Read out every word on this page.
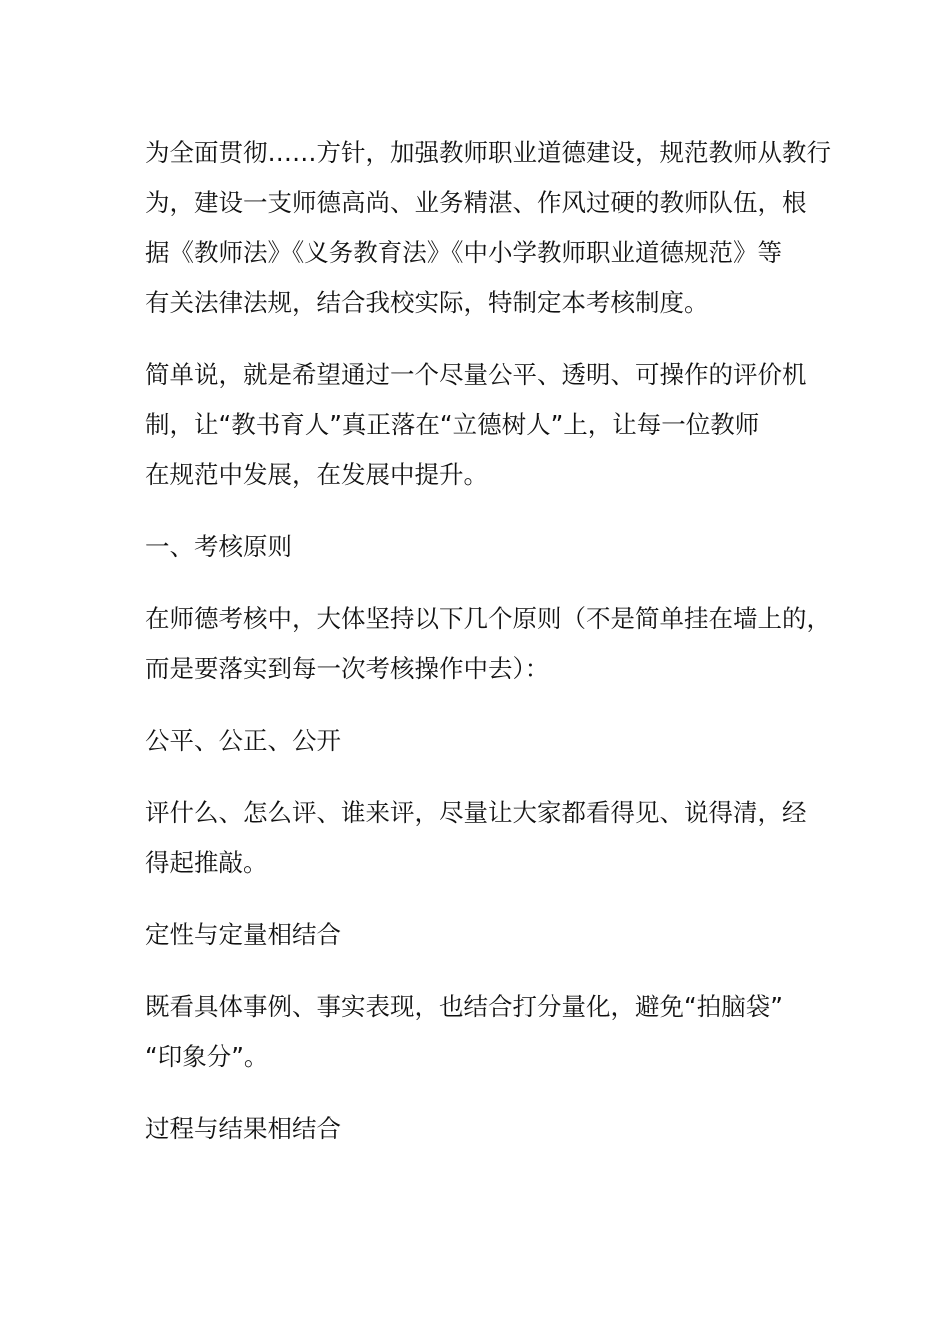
为全面贯彻……方针，加强教师职业道德建设，规范教师从教行
为，建设一支师德高尚、业务精湛、作风过硬的教师队伍，根
据《教师法》《义务教育法》《中小学教师职业道德规范》等
有关法律法规，结合我校实际，特制定本考核制度。

简单说，就是希望通过一个尽量公平、透明、可操作的评价机
制，让“教书育人”真正落在“立德树人”上，让每一位教师
在规范中发展，在发展中提升。

一、考核原则

在师德考核中，大体坚持以下几个原则（不是简单挂在墙上的，
而是要落实到每一次考核操作中去）：

公平、公正、公开

评什么、怎么评、谁来评，尽量让大家都看得见、说得清，经
得起推敲。

定性与定量相结合

既看具体事例、事实表现，也结合打分量化，避免“拍脑袋”
“印象分”。

过程与结果相结合
